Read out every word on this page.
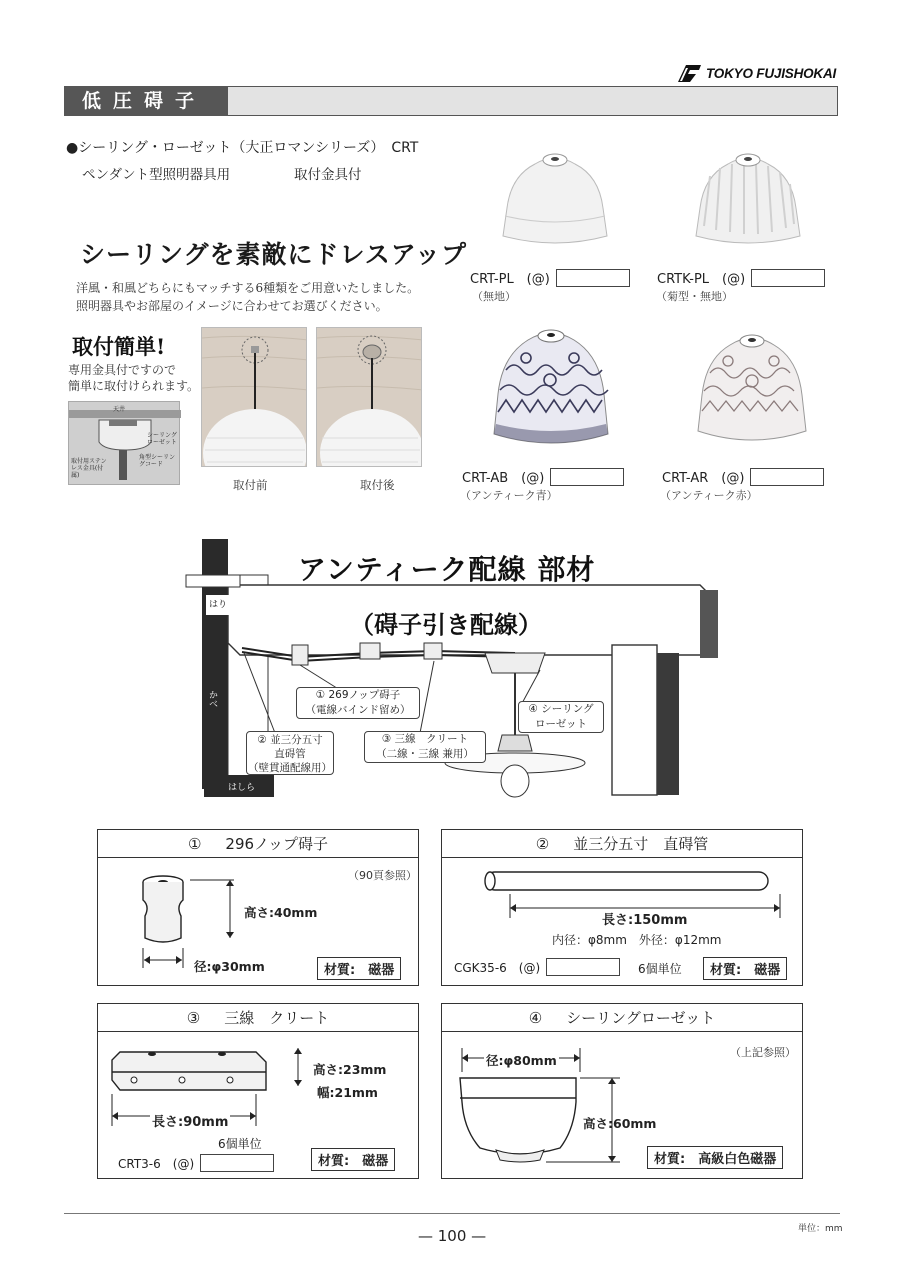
TOKYO FUJISHOKAI
低圧碍子
●シーリング・ローゼット（大正ロマンシリーズ）　CRT
ペンダント型照明器具用	取付金具付
シーリングを素敵にドレスアップ
洋風・和風どちらにもマッチする6種類をご用意いたしました。
照明器具やお部屋のイメージに合わせてお選びください。
取付簡単!
専用金具付ですので
簡単に取付けられます。
天井
シーリングローゼット
角型シーリングコード
取付用ステンレス金具(付属)
取付前	取付後
CRT-PL　(@)
（無地）
CRTK-PL　(@)
（菊型・無地）
CRT-AB　(@)
（アンティーク青）
CRT-AR　(@)
（アンティーク赤）
アンティーク配線 部材
（碍子引き配線）
はり
かべ
はしら
① 269ノップ碍子
（電線バインド留め）
② 並三分五寸
直碍管
（壁貫通配線用）
③ 三線　クリート
（二線・三線 兼用）
④ シーリング
ローゼット
① 296ノップ碍子
（90頁参照）
高さ:40mm
径:φ30mm	材質:　磁器
② 並三分五寸　直碍管
長さ:150mm
内径：φ8mm　外径：φ12mm
CGK35-6　(@)	6個単位	材質:　磁器
③ 三線　クリート
高さ:23mm
幅:21mm
長さ:90mm
6個単位
CRT3-6　(@)	材質:　磁器
④ シーリングローゼット
（上記参照）
径:φ80mm
高さ:60mm
材質:　高級白色磁器
単位：mm
— 100 —
